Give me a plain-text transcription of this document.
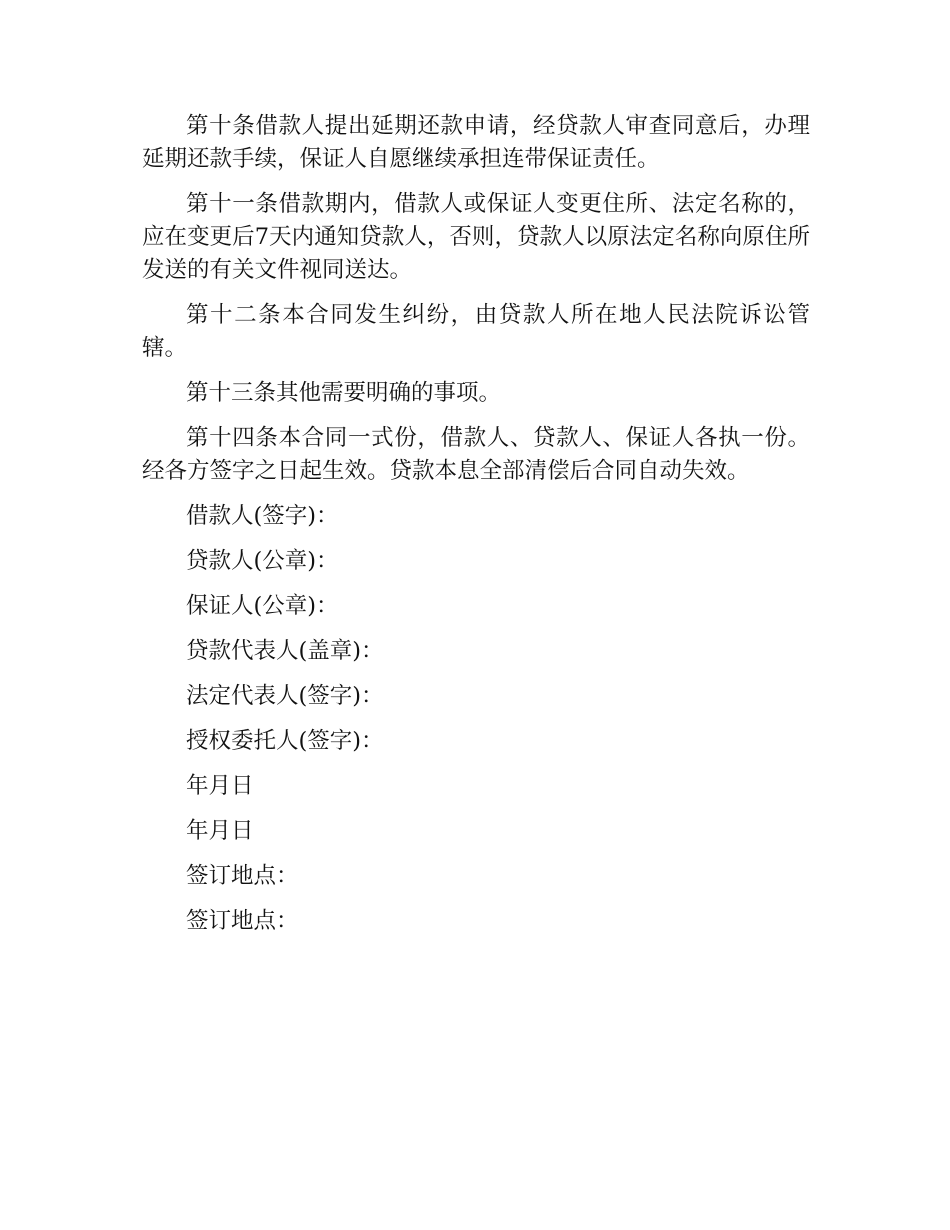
第十条借款人提出延期还款申请，经贷款人审查同意后，办理延期还款手续，保证人自愿继续承担连带保证责任。

第十一条借款期内，借款人或保证人变更住所、法定名称的，应在变更后7天内通知贷款人，否则，贷款人以原法定名称向原住所发送的有关文件视同送达。

第十二条本合同发生纠纷，由贷款人所在地人民法院诉讼管辖。

第十三条其他需要明确的事项。

第十四条本合同一式份，借款人、贷款人、保证人各执一份。经各方签字之日起生效。贷款本息全部清偿后合同自动失效。

借款人(签字)：
贷款人(公章)：
保证人(公章)：
贷款代表人(盖章)：
法定代表人(签字)：
授权委托人(签字)：
年月日
年月日
签订地点：
签订地点：
